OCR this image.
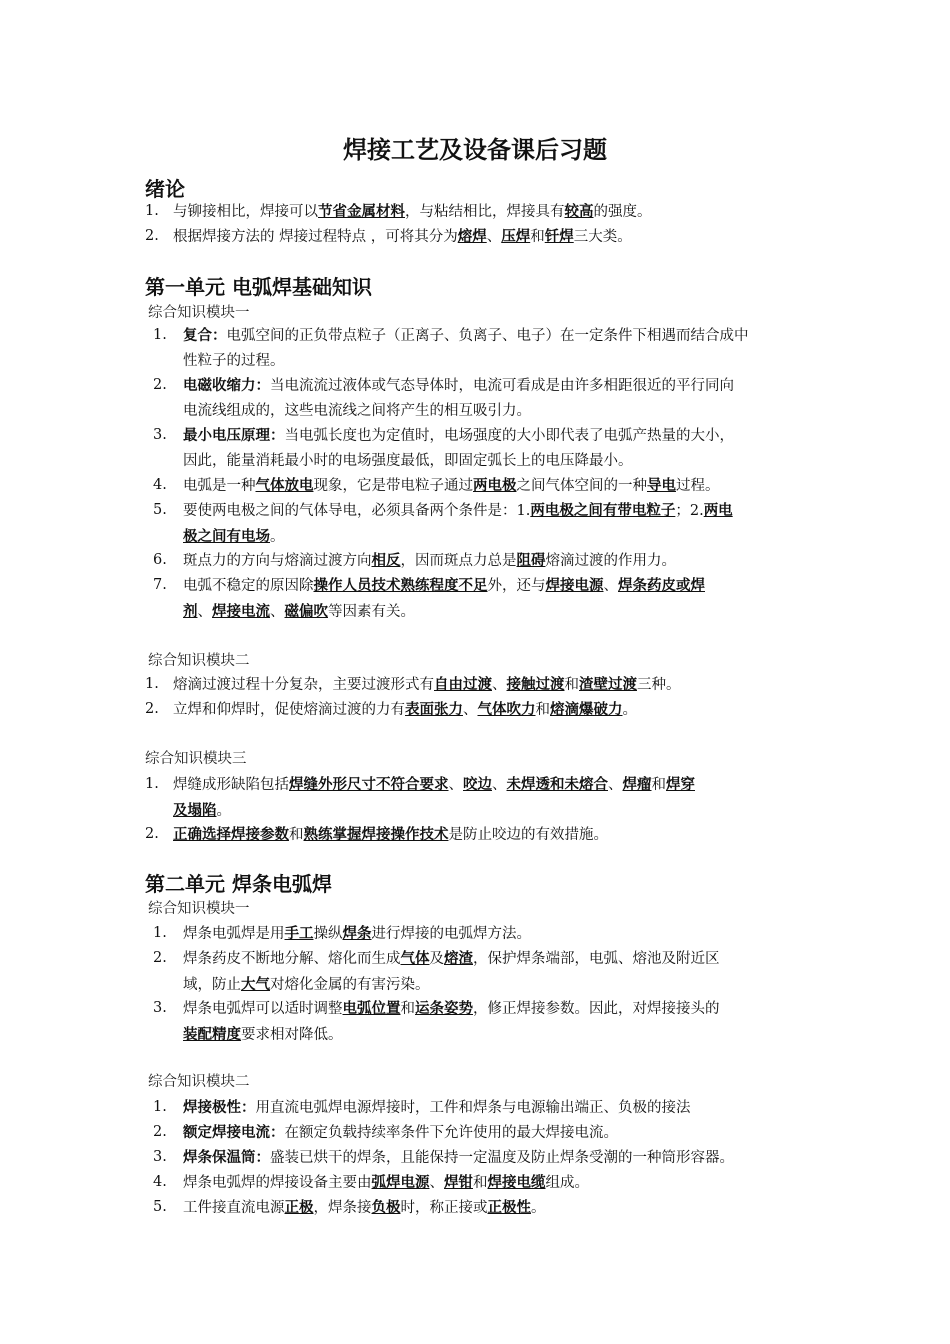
焊接工艺及设备课后习题
绪论
第一单元 电弧焊基础知识
第二单元 焊条电弧焊
综合知识模块一
综合知识模块二
综合知识模块三
综合知识模块一
综合知识模块二
1. 与铆接相比，焊接可以节省金属材料，与粘结相比，焊接具有较高的强度。
2. 根据焊接方法的 焊接过程特点 ，可将其分为熔焊、压焊和钎焊三大类。
1.	复合：电弧空间的正负带点粒子（正离子、负离子、电子）在一定条件下相遇而结合成中
性粒子的过程。
2.	电磁收缩力：当电流流过液体或气态导体时，电流可看成是由许多相距很近的平行同向
电流线组成的，这些电流线之间将产生的相互吸引力。
3.	最小电压原理：当电弧长度也为定值时，电场强度的大小即代表了电弧产热量的大小，
因此，能量消耗最小时的电场强度最低，即固定弧长上的电压降最小。
4.	电弧是一种气体放电现象，它是带电粒子通过两电极之间气体空间的一种导电过程。
5.	要使两电极之间的气体导电，必须具备两个条件是：1.两电极之间有带电粒子；2.两电
极之间有电场。
6.	斑点力的方向与熔滴过渡方向相反，因而斑点力总是阻碍熔滴过渡的作用力。
7.	电弧不稳定的原因除操作人员技术熟练程度不足外，还与焊接电源、焊条药皮或焊
剂、焊接电流、磁偏吹等因素有关。
1. 熔滴过渡过程十分复杂，主要过渡形式有自由过渡、接触过渡和渣壁过渡三种。
2. 立焊和仰焊时，促使熔滴过渡的力有表面张力、气体吹力和熔滴爆破力。
1. 焊缝成形缺陷包括焊缝外形尺寸不符合要求、咬边、未焊透和未熔合、焊瘤和焊穿
及塌陷。
2. 正确选择焊接参数和熟练掌握焊接操作技术是防止咬边的有效措施。
1.	焊条电弧焊是用手工操纵焊条进行焊接的电弧焊方法。
2.	焊条药皮不断地分解、熔化而生成气体及熔渣，保护焊条端部，电弧、熔池及附近区
域，防止大气对熔化金属的有害污染。
3.	焊条电弧焊可以适时调整电弧位置和运条姿势，修正焊接参数。因此，对焊接接头的
装配精度要求相对降低。
1.	焊接极性：用直流电弧焊电源焊接时，工件和焊条与电源输出端正、负极的接法
2.	额定焊接电流：在额定负载持续率条件下允许使用的最大焊接电流。
3.	焊条保温筒：盛装已烘干的焊条，且能保持一定温度及防止焊条受潮的一种筒形容器。
4.	焊条电弧焊的焊接设备主要由弧焊电源、焊钳和焊接电缆组成。
5.	工件接直流电源正极，焊条接负极时，称正接或正极性。
